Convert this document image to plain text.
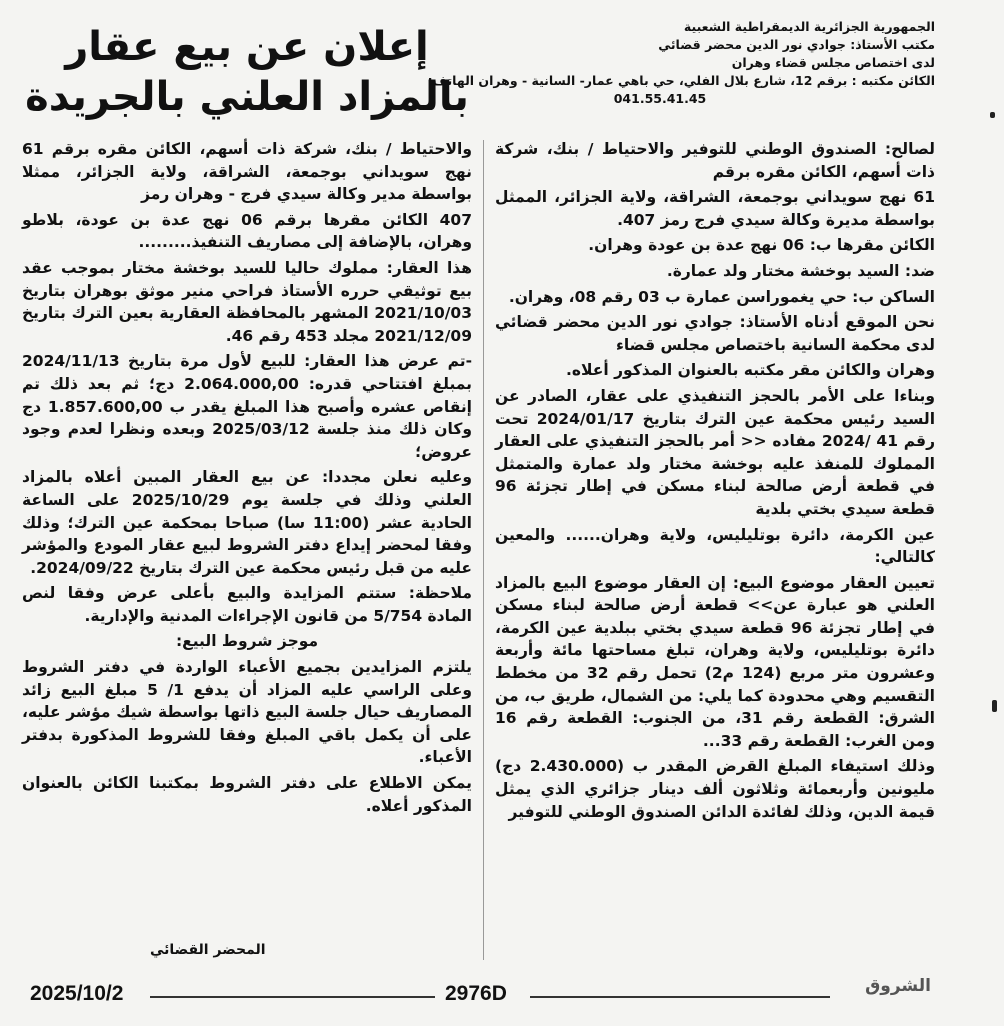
الجمهورية الجزائرية الديمقراطية الشعبية
مكتب الأستاذ: جوادي نور الدين محضر قضائي
لدى اختصاص مجلس قضاء وهران
الكائن مكتبه : برقم 12، شارع بلال الفلي، حي باهي عمار- السانية - وهران الهاتف:
041.55.41.45
إعلان عن بيع عقار
بالمزاد العلني بالجريدة

لصالح: الصندوق الوطني للتوفير والاحتياط / بنك، شركة ذات أسهم، الكائن مقره برقم

61 نهج سويداني بوجمعة، الشراقة، ولاية الجزائر، الممثل بواسطة مديرة وكالة سيدي فرج رمز 407.

الكائن مقرها ب: 06 نهج عدة بن عودة وهران.

ضد: السيد بوخشة مختار ولد عمارة.

الساكن ب: حي يغموراسن عمارة ب 03 رقم 08، وهران.

نحن الموقع أدناه الأستاذ: جوادي نور الدين محضر قضائي لدى محكمة السانية باختصاص مجلس قضاء

وهران والكائن مقر مكتبه بالعنوان المذكور أعلاه.

وبناءا على الأمر بالحجز التنفيذي على عقار، الصادر عن السيد رئيس محكمة عين الترك بتاريخ 2024/01/17 تحت رقم 41 /2024 مفاده << أمر بالحجز التنفيذي على العقار المملوك للمنفذ عليه بوخشة مختار ولد عمارة والمتمثل في قطعة أرض صالحة لبناء مسكن في إطار تجزئة 96 قطعة سيدي بختي بلدية

عين الكرمة، دائرة بوتليليس، ولاية وهران...... والمعين كالتالي:

تعيين العقار موضوع البيع: إن العقار موضوع البيع بالمزاد العلني هو عبارة عن>> قطعة أرض صالحة لبناء مسكن في إطار تجزئة 96 قطعة سيدي بختي ببلدية عين الكرمة، دائرة بوتليليس، ولاية وهران، تبلغ مساحتها مائة وأربعة وعشرون متر مربع (124 م2) تحمل رقم 32 من مخطط التقسيم وهي محدودة كما يلي: من الشمال، طريق ب، من الشرق: القطعة رقم 31، من الجنوب: القطعة رقم 16 ومن الغرب: القطعة رقم 33...

وذلك استيفاء المبلغ القرض المقدر ب (2.430.000 دج) مليونين وأربعمائة وثلاثون ألف دينار جزائري الذي يمثل قيمة الدين، وذلك لفائدة الدائن الصندوق الوطني للتوفير

والاحتياط / بنك، شركة ذات أسهم، الكائن مقره برقم 61 نهج سويداني بوجمعة، الشراقة، ولاية الجزائر، ممثلا بواسطة مدير وكالة سيدي فرج - وهران رمز

407 الكائن مقرها برقم 06 نهج عدة بن عودة، بلاطو وهران، بالإضافة إلى مصاريف التنفيذ.........

هذا العقار: مملوك حاليا للسيد بوخشة مختار بموجب عقد بيع توثيقي حرره الأستاذ فراحي منير موثق بوهران بتاريخ 2021/10/03 المشهر بالمحافظة العقارية بعين الترك بتاريخ 2021/12/09 مجلد 453 رقم 46.

-تم عرض هذا العقار: للبيع لأول مرة بتاريخ 2024/11/13 بمبلغ افتتاحي قدره: 2.064.000,00 دج؛ ثم بعد ذلك تم إنقاص عشره وأصبح هذا المبلغ يقدر ب 1.857.600,00 دج وكان ذلك منذ جلسة 2025/03/12 وبعده ونظرا لعدم وجود عروض؛

وعليه نعلن مجددا: عن بيع العقار المبين أعلاه بالمزاد العلني وذلك في جلسة يوم 2025/10/29 على الساعة الحادية عشر (11:00 سا) صباحا بمحكمة عين الترك؛ وذلك وفقا لمحضر إيداع دفتر الشروط لبيع عقار المودع والمؤشر عليه من قبل رئيس محكمة عين الترك بتاريخ 2024/09/22.

ملاحظة: ستتم المزايدة والبيع بأعلى عرض وفقا لنص المادة 5/754 من قانون الإجراءات المدنية والإدارية.

موجز شروط البيع:

يلتزم المزايدين بجميع الأعباء الواردة في دفتر الشروط وعلى الراسي عليه المزاد أن يدفع 1/ 5 مبلغ البيع زائد المصاريف حيال جلسة البيع ذاتها بواسطة شيك مؤشر عليه، على أن يكمل باقي المبلغ وفقا للشروط المذكورة بدفتر الأعباء.

يمكن الاطلاع على دفتر الشروط بمكتبنا الكائن بالعنوان المذكور أعلاه.

المحضر القضائي
2025/10/2	2976D	الشروق
